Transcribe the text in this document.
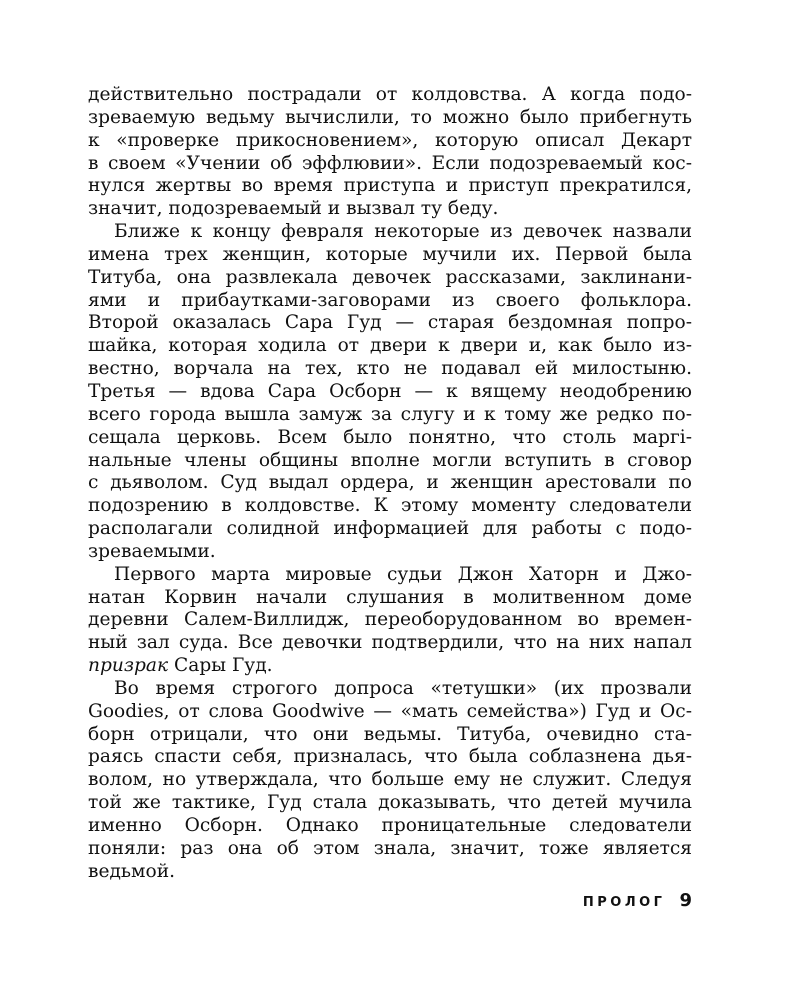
действительно пострадали от колдовства. А когда подо-
зреваемую ведьму вычислили, то можно было прибегнуть
к «проверке прикосновением», которую описал Декарт
в своем «Учении об эффлювии». Если подозреваемый кос-
нулся жертвы во время приступа и приступ прекратился,
значит, подозреваемый и вызвал ту беду.
Ближе к концу февраля некоторые из девочек назвали
имена трех женщин, которые мучили их. Первой была
Титуба, она развлекала девочек рассказами, заклинани-
ями и прибаутками-заговорами из своего фольклора.
Второй оказалась Сара Гуд — старая бездомная попро-
шайка, которая ходила от двери к двери и, как было из-
вестно, ворчала на тех, кто не подавал ей милостыню.
Третья — вдова Сара Осборн — к вящему неодобрению
всего города вышла замуж за слугу и к тому же редко по-
сещала церковь. Всем было понятно, что столь маргі-
нальные члены общины вполне могли вступить в сговор
с дьяволом. Суд выдал ордера, и женщин арестовали по
подозрению в колдовстве. К этому моменту следователи
располагали солидной информацией для работы с подо-
зреваемыми.
Первого марта мировые судьи Джон Хаторн и Джо-
натан Корвин начали слушания в молитвенном доме
деревни Салем-Виллидж, переоборудованном во времен-
ный зал суда. Все девочки подтвердили, что на них напал
призрак Сары Гуд.
Во время строгого допроса «тетушки» (их прозвали
Goodies, от слова Goodwive — «мать семейства») Гуд и Ос-
борн отрицали, что они ведьмы. Титуба, очевидно ста-
раясь спасти себя, призналась, что была соблазнена дья-
волом, но утверждала, что больше ему не служит. Следуя
той же тактике, Гуд стала доказывать, что детей мучила
именно Осборн. Однако проницательные следователи
поняли: раз она об этом знала, значит, тоже является
ведьмой.
ПРОЛОГ 9
